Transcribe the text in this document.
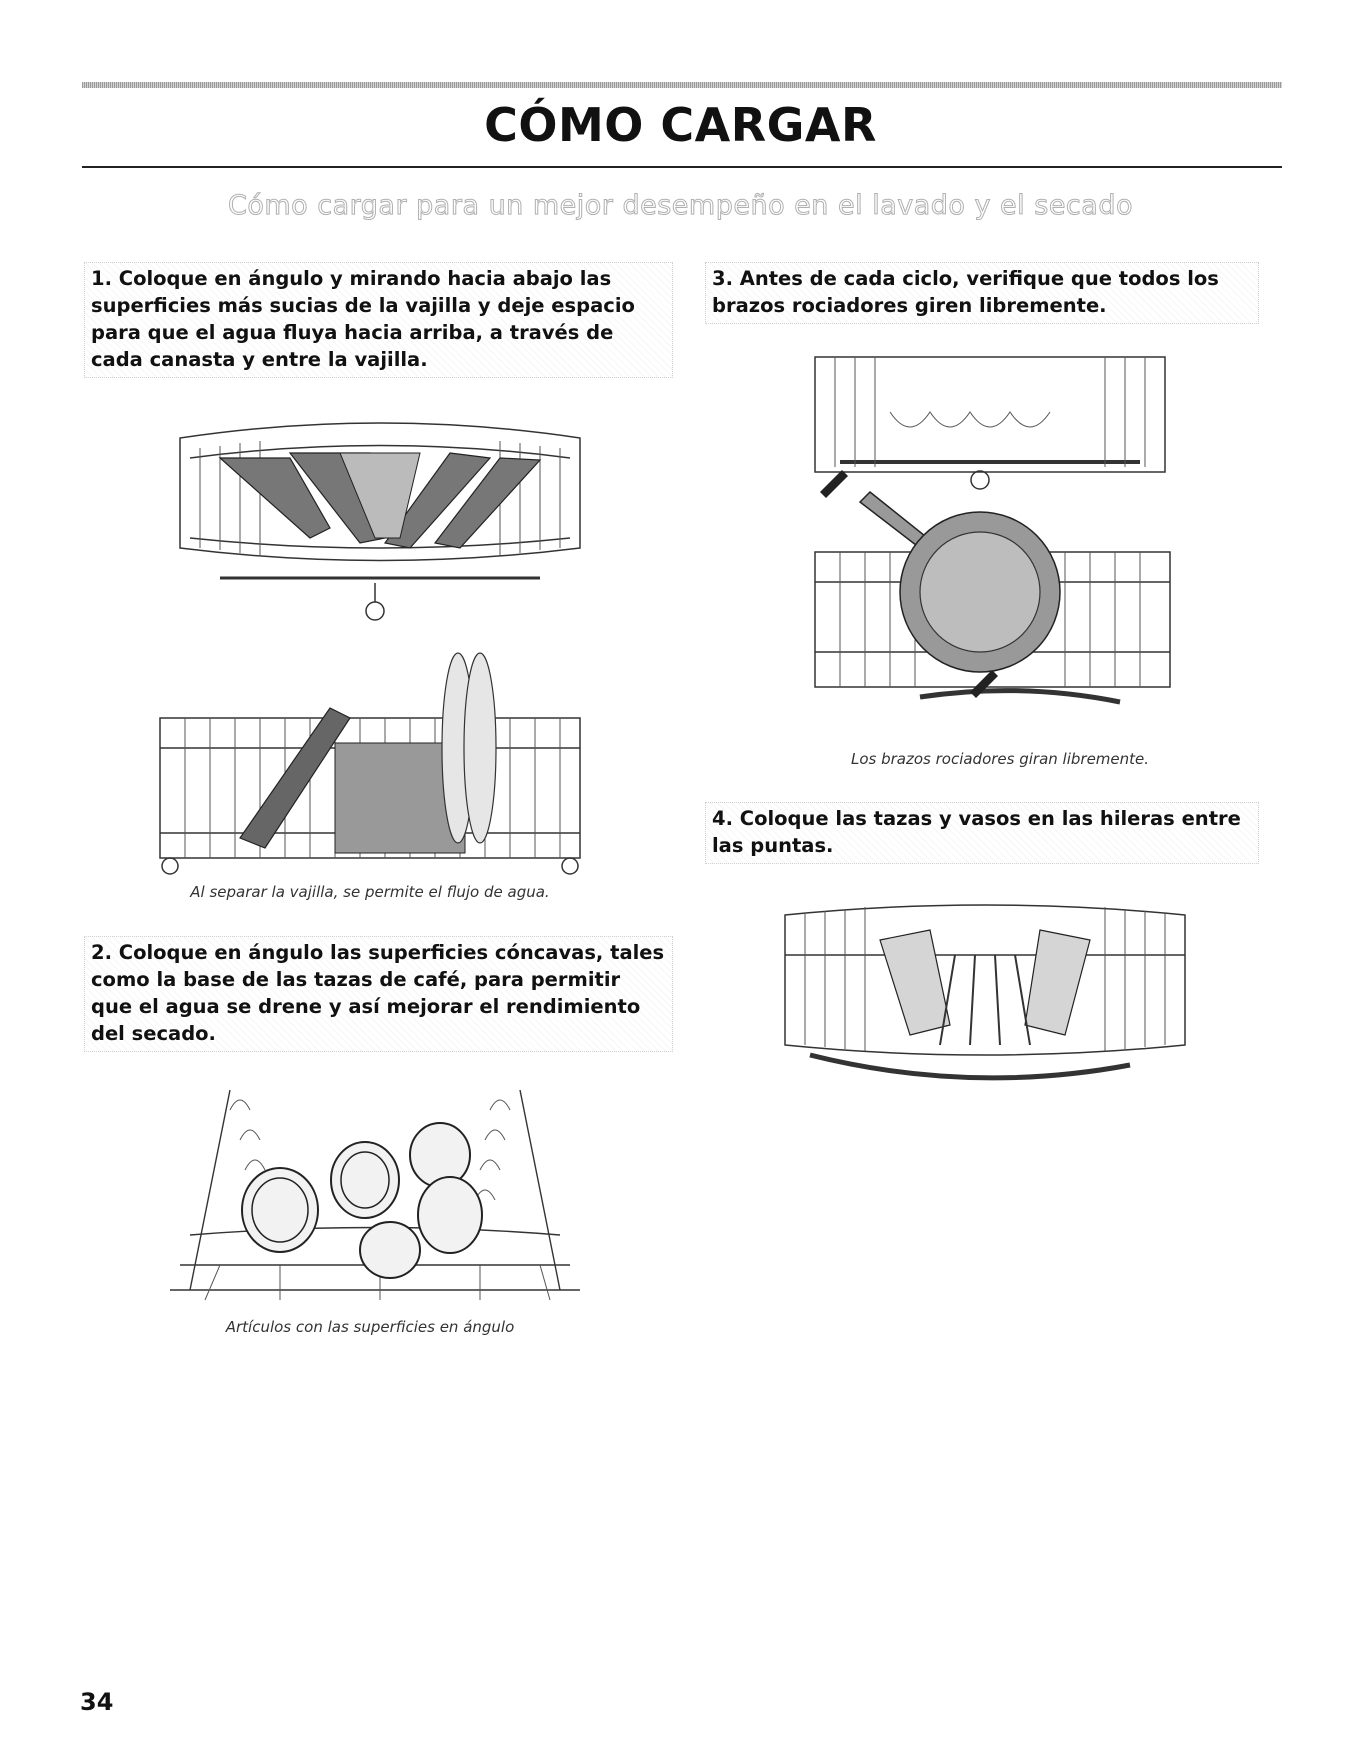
CÓMO CARGAR
Cómo cargar para un mejor desempeño en el lavado y el secado

1. Coloque en ángulo y mirando hacia abajo las superficies más sucias de la vajilla y deje espacio para que el agua fluya hacia arriba, a través de cada canasta y entre la vajilla.

Al separar la vajilla, se permite el flujo de agua.

2. Coloque en ángulo las superficies cóncavas, tales como la base de las tazas de café, para permitir que el agua se drene y así mejorar el rendimiento del secado.

Artículos con las superficies en ángulo

3. Antes de cada ciclo, verifique que todos los brazos rociadores giren libremente.

Los brazos rociadores giran libremente.

4. Coloque las tazas y vasos en las hileras entre las puntas.

34
